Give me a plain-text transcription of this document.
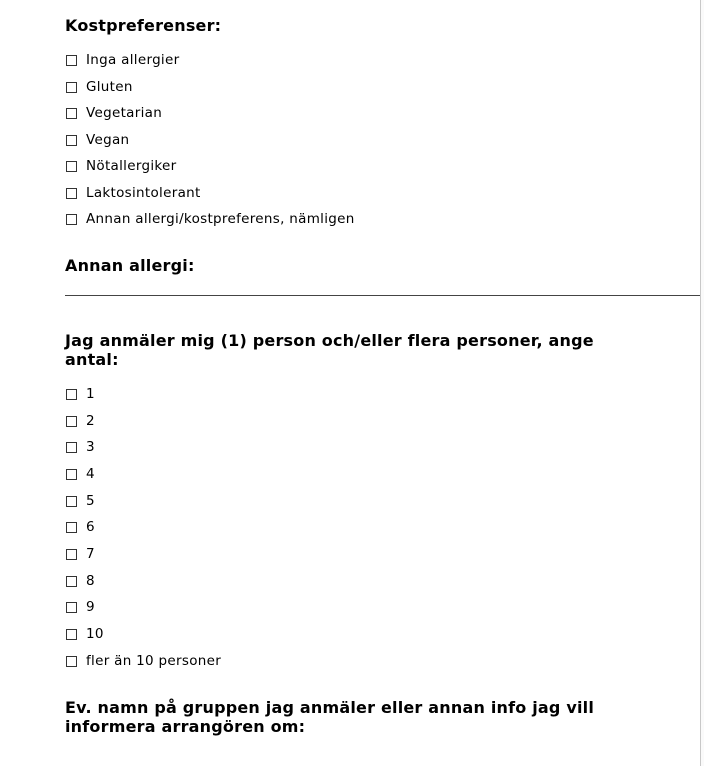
Kostpreferenser:
Inga allergier
Gluten
Vegetarian
Vegan
Nötallergiker
Laktosintolerant
Annan allergi/kostpreferens, nämligen
Annan allergi:
Jag anmäler mig (1) person och/eller flera personer, ange antal:
1
2
3
4
5
6
7
8
9
10
fler än 10 personer
Ev. namn på gruppen jag anmäler eller annan info jag vill informera arrangören om:
